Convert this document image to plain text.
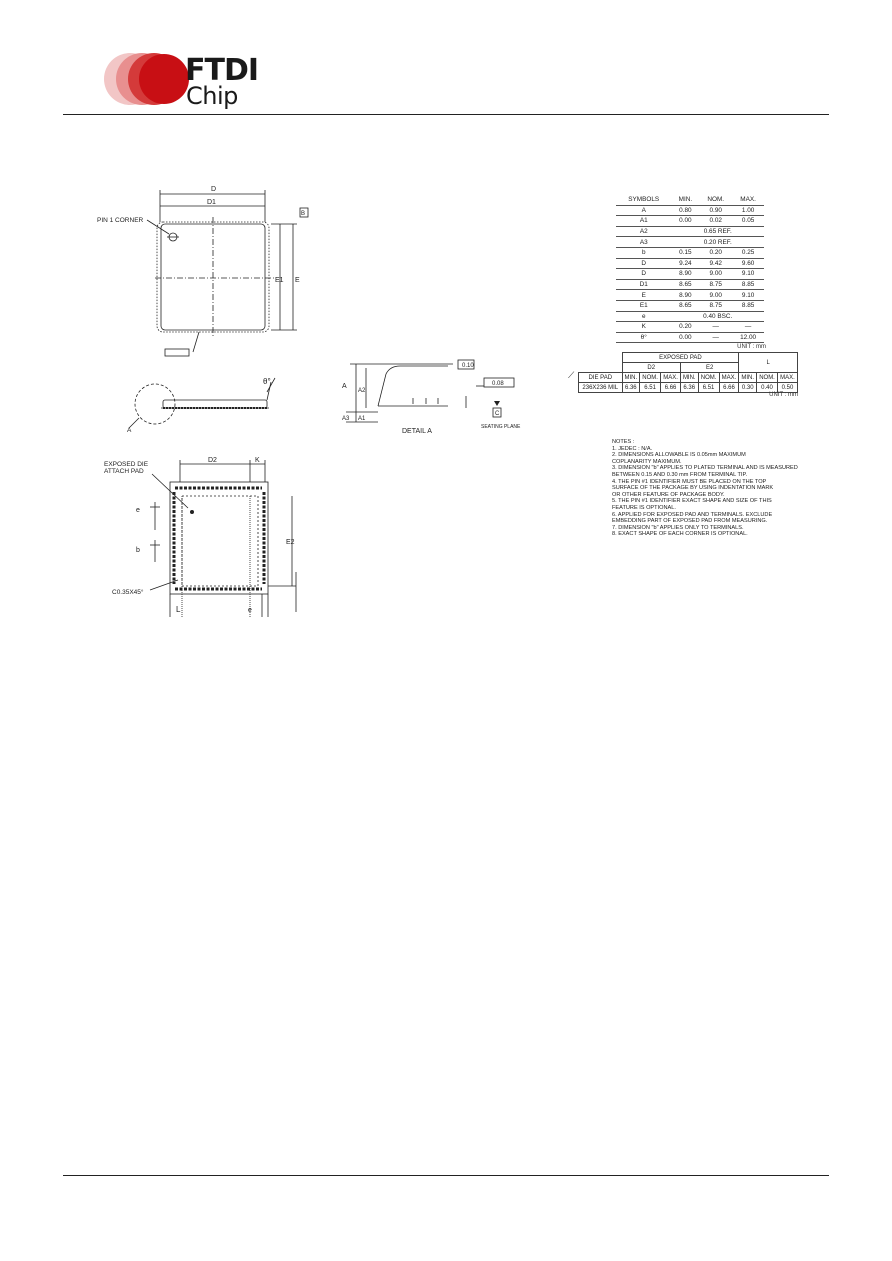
FTDI
Chip
D
D1
E1 E
PIN 1 CORNER
B
θ°
A
EXPOSED DIE
ATTACH PAD
D2	K
e
b
E2
C0.35X45°
L	e
A
A2
A1
A3
0.10
0.08
C
SEATING PLANE
DETAIL A
SYMBOLS	MIN.	NOM.	MAX.
A	0.80	0.90	1.00
A1	0.00	0.02	0.05
A2	0.65 REF.		
A3	0.20 REF.		
b	0.15	0.20	0.25
D	9.24	9.42	9.60
D	8.90	9.00	9.10
D1	8.65	8.75	8.85
E	8.90	9.00	9.10
E1	8.65	8.75	8.85
e	0.40 BSC.		
K	0.20	—	—
θ°	0.00	—	12.00
UNIT : mm
⟋
	EXPOSED PAD						L		
	D2			E2					
DIE PAD	MIN.	NOM.	MAX.	MIN.	NOM.	MAX.	MIN.	NOM.	MAX.
236X236 MIL	6.36	6.51	6.66	6.36	6.51	6.66	0.30	0.40	0.50
UNIT : mm
NOTES :
1. JEDEC : N/A.
2. DIMENSIONS ALLOWABLE IS 0.05mm MAXIMUM
COPLANARITY MAXIMUM.
3. DIMENSION "b" APPLIES TO PLATED TERMINAL AND IS MEASURED
BETWEEN 0.15 AND 0.30 mm FROM TERMINAL TIP.
4. THE PIN #1 IDENTIFIER MUST BE PLACED ON THE TOP
SURFACE OF THE PACKAGE BY USING INDENTATION MARK
OR OTHER FEATURE OF PACKAGE BODY.
5. THE PIN #1 IDENTIFIER EXACT SHAPE AND SIZE OF THIS
FEATURE IS OPTIONAL.
6. APPLIED FOR EXPOSED PAD AND TERMINALS. EXCLUDE
EMBEDDING PART OF EXPOSED PAD FROM MEASURING.
7. DIMENSION "b" APPLIES ONLY TO TERMINALS.
8. EXACT SHAPE OF EACH CORNER IS OPTIONAL.
